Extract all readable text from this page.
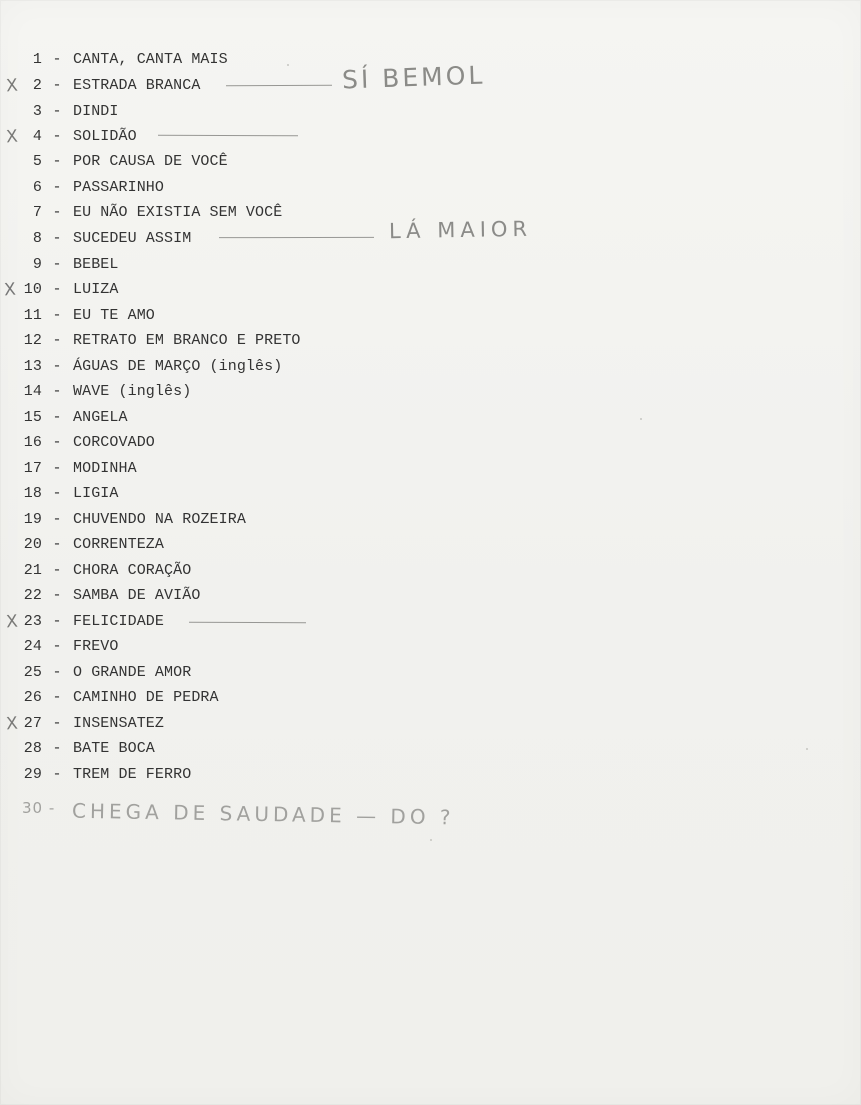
1 - CANTA, CANTA MAIS
X 2 - ESTRADA BRANCA
3 - DINDI
X 4 - SOLIDÃO
5 - POR CAUSA DE VOCÊ
6 - PASSARINHO
7 - EU NÃO EXISTIA SEM VOCÊ
8 - SUCEDEU ASSIM
9 - BEBEL
X 10 - LUIZA
11 - EU TE AMO
12 - RETRATO EM BRANCO E PRETO
13 - ÁGUAS DE MARÇO (inglês)
14 - WAVE (inglês)
15 - ANGELA
16 - CORCOVADO
17 - MODINHA
18 - LIGIA
19 - CHUVENDO NA ROZEIRA
20 - CORRENTEZA
21 - CHORA CORAÇÃO
22 - SAMBA DE AVIÃO
X 23 - FELICIDADE
24 - FREVO
25 - O GRANDE AMOR
26 - CAMINHO DE PEDRA
X 27 - INSENSATEZ
28 - BATE BOCA
29 - TREM DE FERRO
SÍ BEMOL
LÁ MAIOR
30 - CHEGA DE SAUDADE — DO ?
